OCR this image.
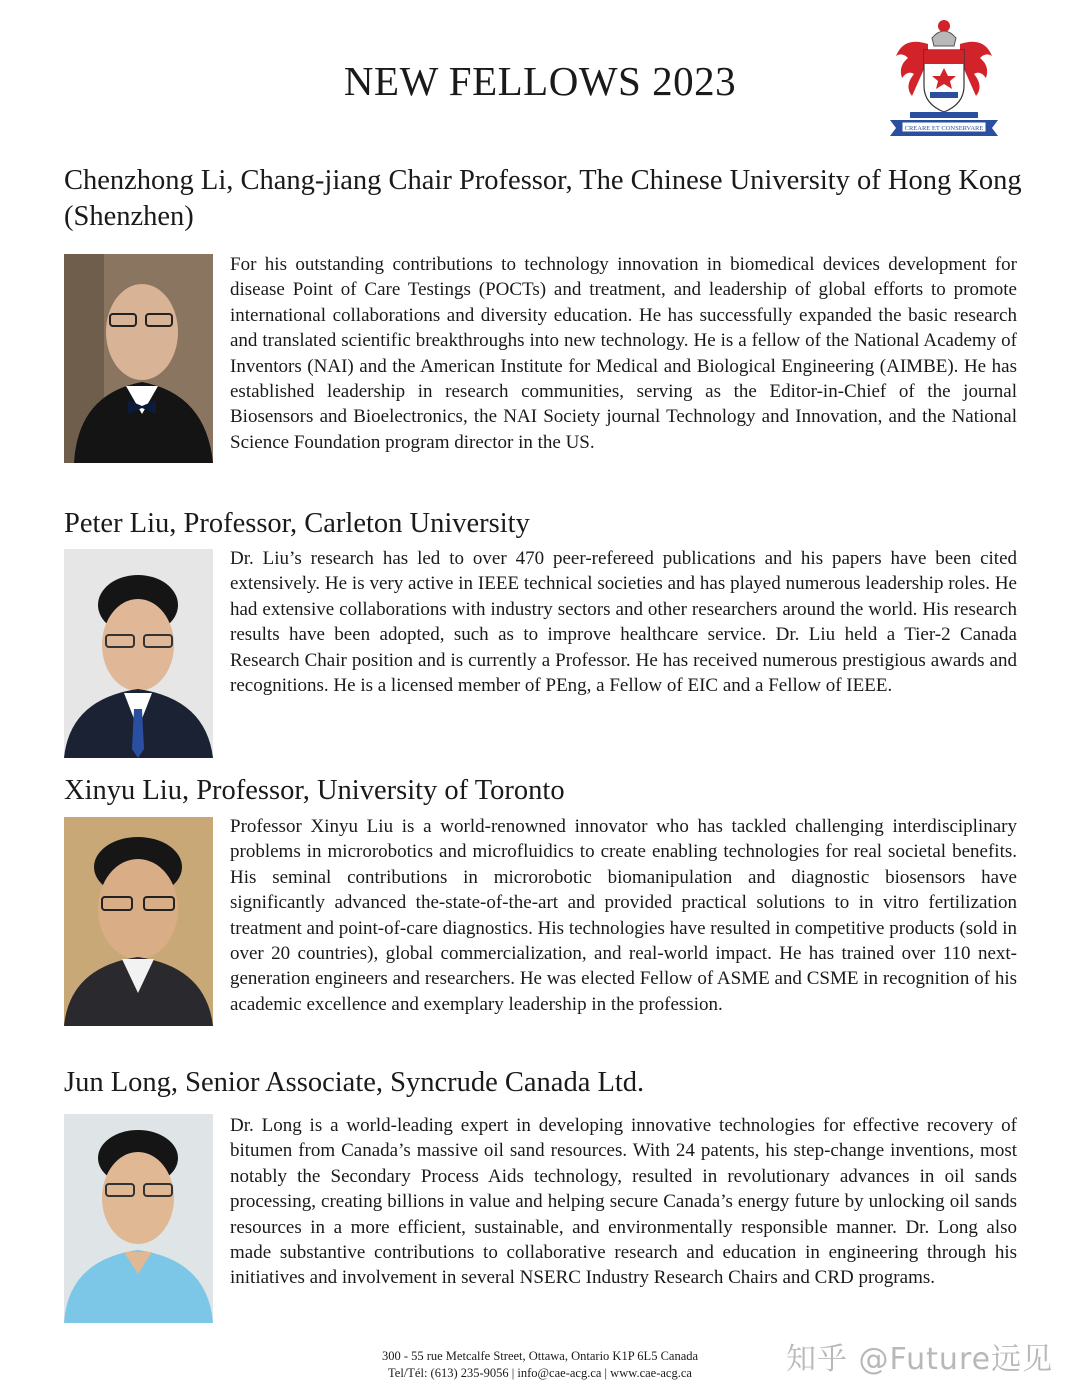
NEW FELLOWS 2023
CREARE ET CONSERVARE
Chenzhong Li, Chang-jiang Chair Professor, The Chinese University of Hong Kong (Shenzhen)

For his outstanding contributions to technology innovation in biomedical devices development for disease Point of Care Testings (POCTs) and treatment, and leadership of global efforts to promote international collaborations and diversity education. He has successfully expanded the basic research and translated scientific breakthroughs into new technology. He is a fellow of the National Academy of Inventors (NAI) and the American Institute for Medical and Biological Engineering (AIMBE). He has established leadership in research communities, serving as the Editor-in-Chief of the journal Biosensors and Bioelectronics, the NAI Society journal Technology and Innovation, and the National Science Foundation program director in the US.

Peter Liu, Professor, Carleton University

Dr. Liu’s research has led to over 470 peer-refereed publications and his papers have been cited extensively. He is very active in IEEE technical societies and has played numerous leadership roles. He had extensive collaborations with industry sectors and other researchers around the world. His research results have been adopted, such as to improve healthcare service. Dr. Liu held a Tier-2 Canada Research Chair position and is currently a Professor. He has received numerous prestigious awards and recognitions. He is a licensed member of PEng, a Fellow of EIC and a Fellow of IEEE.

Xinyu Liu, Professor, University of Toronto

Professor Xinyu Liu is a world-renowned innovator who has tackled challenging interdisciplinary problems in microrobotics and microfluidics to create enabling technologies for real societal benefits. His seminal contributions in microrobotic biomanipulation and diagnostic biosensors have significantly advanced the-state-of-the-art and provided practical solutions to in vitro fertilization treatment and point-of-care diagnostics. His technologies have resulted in competitive products (sold in over 20 countries), global commercialization, and real-world impact. He has trained over 110 next-generation engineers and researchers. He was elected Fellow of ASME and CSME in recognition of his academic excellence and exemplary leadership in the profession.

Jun Long, Senior Associate, Syncrude Canada Ltd.

Dr. Long is a world-leading expert in developing innovative technologies for effective recovery of bitumen from Canada’s massive oil sand resources. With 24 patents, his step-change inventions, most notably the Secondary Process Aids technology, resulted in revolutionary advances in oil sands processing, creating billions in value and helping secure Canada’s energy future by unlocking oil sands resources in a more efficient, sustainable, and environmentally responsible manner. Dr. Long also made substantive contributions to collaborative research and education in engineering through his initiatives and involvement in several NSERC Industry Research Chairs and CRD programs.

300 - 55 rue Metcalfe Street, Ottawa, Ontario K1P 6L5 Canada
Tel/Tél: (613) 235-9056 | info@cae-acg.ca | www.cae-acg.ca	知乎 @Future远见
